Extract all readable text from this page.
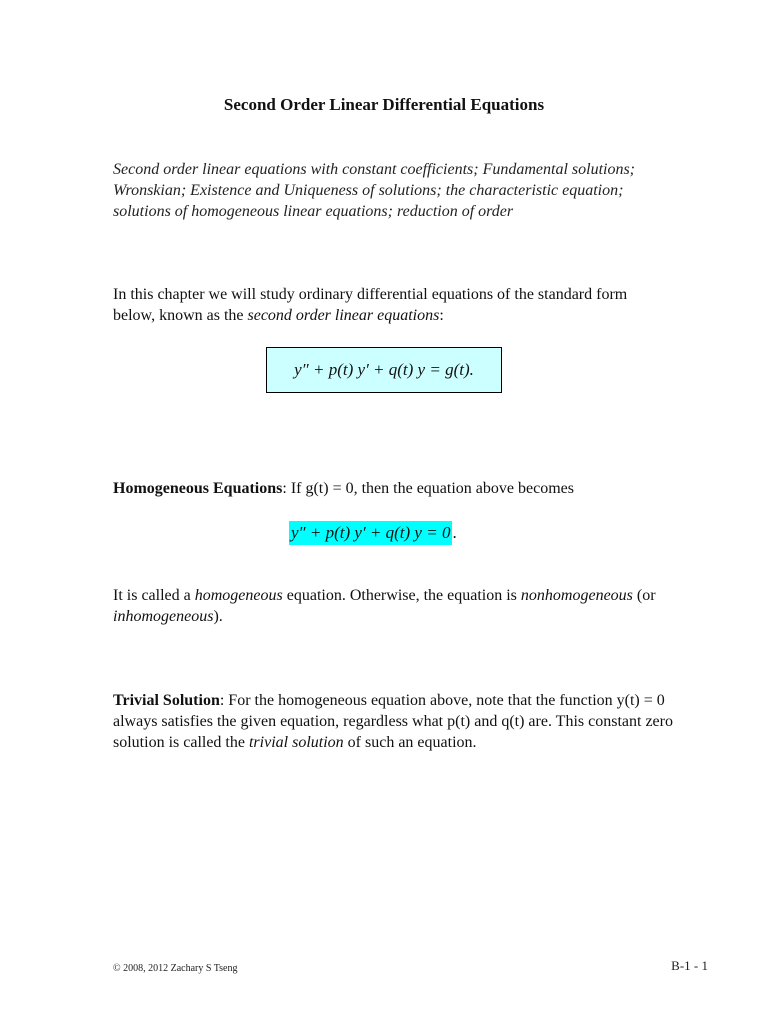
Second Order Linear Differential Equations
Second order linear equations with constant coefficients; Fundamental solutions; Wronskian; Existence and Uniqueness of solutions; the characteristic equation; solutions of homogeneous linear equations; reduction of order
In this chapter we will study ordinary differential equations of the standard form below, known as the second order linear equations:
y″ + p(t) y′ + q(t) y = g(t).
Homogeneous Equations: If g(t) = 0, then the equation above becomes
y″ + p(t) y′ + q(t) y = 0 .
It is called a homogeneous equation. Otherwise, the equation is nonhomogeneous (or inhomogeneous).
Trivial Solution: For the homogeneous equation above, note that the function y(t) = 0 always satisfies the given equation, regardless what p(t) and q(t) are. This constant zero solution is called the trivial solution of such an equation.
© 2008, 2012 Zachary S Tseng	B-1 - 1
